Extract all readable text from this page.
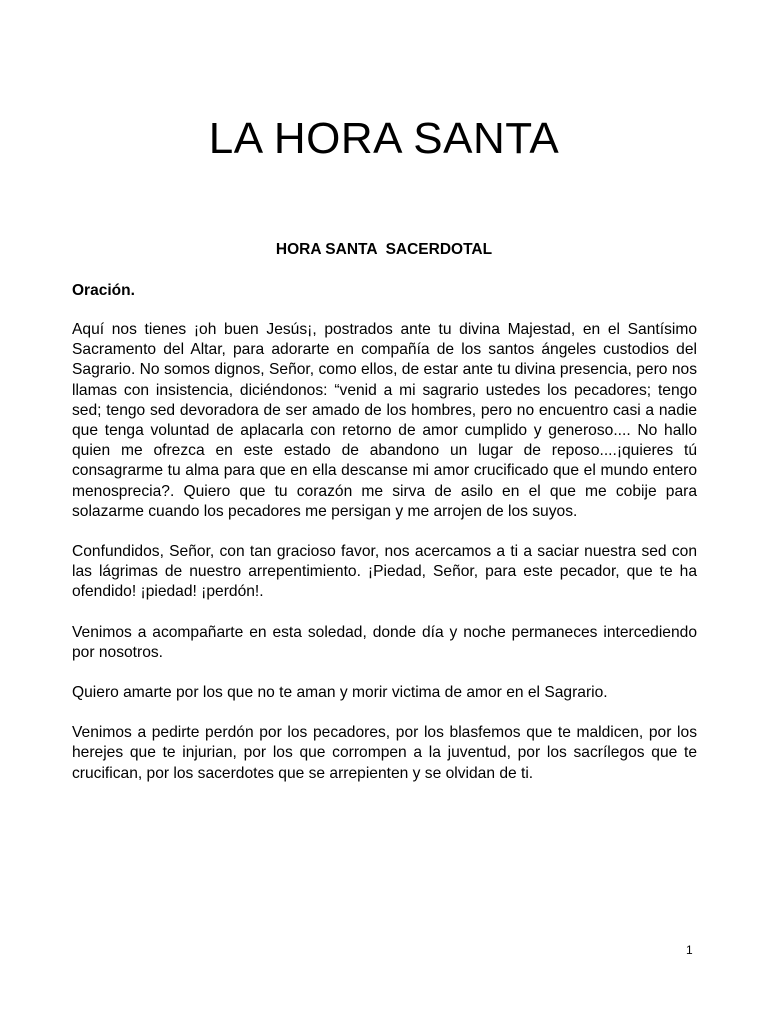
LA HORA SANTA
HORA SANTA  SACERDOTAL
Oración.

Aquí nos tienes ¡oh buen Jesús¡, postrados ante tu divina Majestad, en el Santísimo Sacramento del Altar, para adorarte en compañía de los santos ángeles custodios del Sagrario. No somos dignos, Señor, como ellos, de estar ante tu divina presencia, pero nos llamas con insistencia, diciéndonos: “venid a mi sagrario ustedes los pecadores; tengo sed; tengo sed devoradora de ser amado de los hombres, pero no encuentro casi a nadie que tenga voluntad de aplacarla con retorno de amor cumplido y generoso.... No hallo quien me ofrezca en este estado de abandono un lugar de reposo....¡quieres tú consagrarme tu alma para que en ella descanse mi amor crucificado que el mundo entero menosprecia?. Quiero que tu corazón me sirva de asilo en el que me cobije para solazarme cuando los pecadores me persigan y me arrojen de los suyos.

Confundidos, Señor, con tan gracioso favor, nos acercamos a ti a saciar nuestra sed con las lágrimas de nuestro arrepentimiento. ¡Piedad, Señor, para este pecador, que te ha ofendido! ¡piedad! ¡perdón!.

Venimos a acompañarte en esta soledad, donde día y noche permaneces intercediendo por nosotros.

Quiero amarte por los que no te aman y morir victima de amor en el Sagrario.

Venimos a pedirte perdón por los pecadores, por los blasfemos que te maldicen, por los herejes que te injurian, por los que corrompen a la juventud, por los sacrílegos que te crucifican, por los sacerdotes que se arrepienten y se olvidan de ti.

1
